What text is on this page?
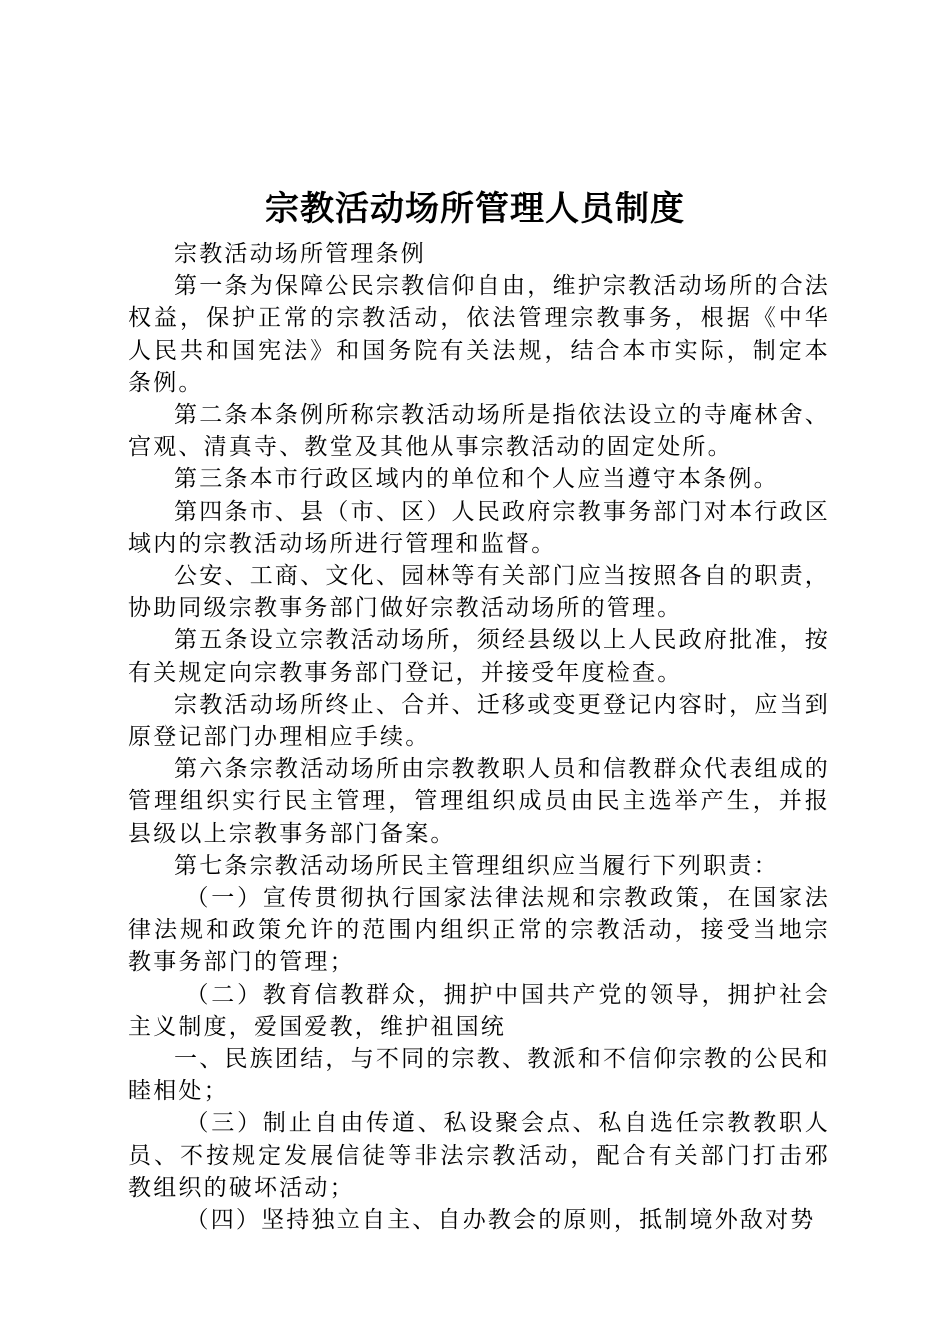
宗教活动场所管理人员制度

宗教活动场所管理条例

第一条为保障公民宗教信仰自由，维护宗教活动场所的合法权益，保护正常的宗教活动，依法管理宗教事务，根据《中华人民共和国宪法》和国务院有关法规，结合本市实际，制定本条例。

第二条本条例所称宗教活动场所是指依法设立的寺庵林舍、宫观、清真寺、教堂及其他从事宗教活动的固定处所。

第三条本市行政区域内的单位和个人应当遵守本条例。

第四条市、县（市、区）人民政府宗教事务部门对本行政区域内的宗教活动场所进行管理和监督。

公安、工商、文化、园林等有关部门应当按照各自的职责，协助同级宗教事务部门做好宗教活动场所的管理。

第五条设立宗教活动场所，须经县级以上人民政府批准，按有关规定向宗教事务部门登记，并接受年度检查。

宗教活动场所终止、合并、迁移或变更登记内容时，应当到原登记部门办理相应手续。

第六条宗教活动场所由宗教教职人员和信教群众代表组成的管理组织实行民主管理，管理组织成员由民主选举产生，并报县级以上宗教事务部门备案。

第七条宗教活动场所民主管理组织应当履行下列职责：

（一）宣传贯彻执行国家法律法规和宗教政策，在国家法律法规和政策允许的范围内组织正常的宗教活动，接受当地宗教事务部门的管理；

（二）教育信教群众，拥护中国共产党的领导，拥护社会主义制度，爱国爱教，维护祖国统

一、民族团结，与不同的宗教、教派和不信仰宗教的公民和睦相处；

（三）制止自由传道、私设聚会点、私自选任宗教教职人员、不按规定发展信徒等非法宗教活动，配合有关部门打击邪教组织的破坏活动；

（四）坚持独立自主、自办教会的原则，抵制境外敌对势
